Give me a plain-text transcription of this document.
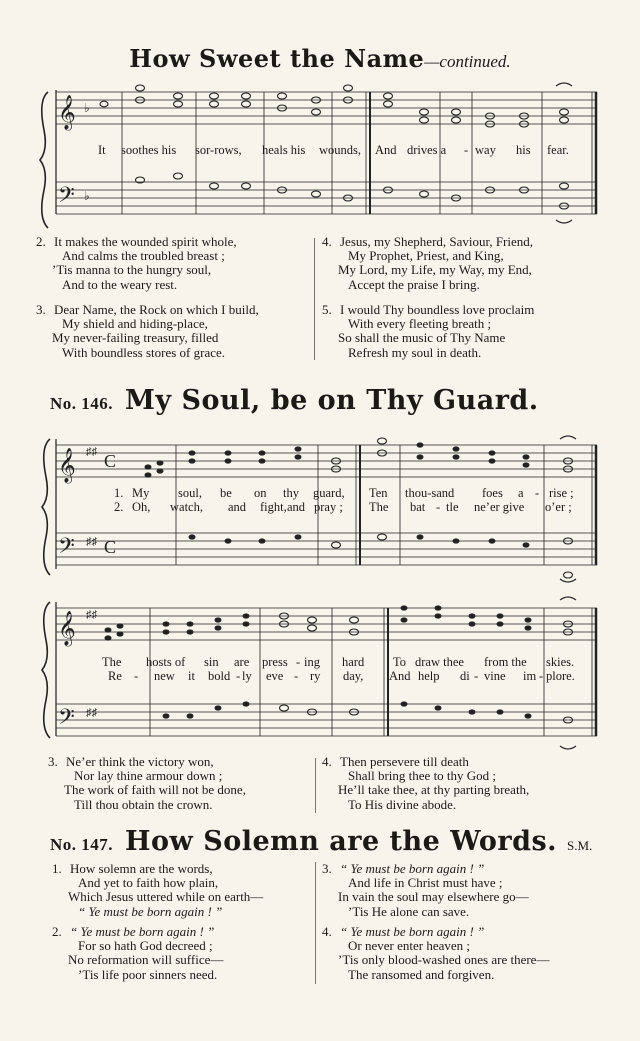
How Sweet the Name—continued.
𝄞
𝄢
♭
♭
It soothes his sor-rows, heals his wounds, And drives a - way his fear.
2. It makes the wounded spirit whole,
And calms the troubled breast ;
’Tis manna to the hungry soul,
And to the weary rest.
3. Dear Name, the Rock on which I build,
My shield and hiding-place,
My never-failing treasury, filled
With boundless stores of grace.
4. Jesus, my Shepherd, Saviour, Friend,
My Prophet, Priest, and King,
My Lord, my Life, my Way, my End,
Accept the praise I bring.
5. I would Thy boundless love proclaim
With every fleeting breath ;
So shall the music of Thy Name
Refresh my soul in death.
No. 146. My Soul, be on Thy Guard.
𝄞
𝄢
♯♯
♯♯
C
C
1. My soul, be on thy guard, Ten thou-sand foes a - rise ;
2. Oh, watch, and fight, and pray ; The bat - tle ne’er give o’er ;
𝄞
𝄢
♯♯
♯♯
The hosts of sin are press - ing hard To draw thee from the skies.
Re - new it bold - ly eve - ry day, And help di - vine im - plore.
3. Ne’er think the victory won,
Nor lay thine armour down ;
The work of faith will not be done,
Till thou obtain the crown.
4. Then persevere till death
Shall bring thee to thy God ;
He’ll take thee, at thy parting breath,
To His divine abode.
No. 147. How Solemn are the Words. S.M.
1. How solemn are the words,
And yet to faith how plain,
Which Jesus uttered while on earth—
“ Ye must be born again ! ”
2. “ Ye must be born again ! ”
For so hath God decreed ;
No reformation will suffice—
’Tis life poor sinners need.
3. “ Ye must be born again ! ”
And life in Christ must have ;
In vain the soul may elsewhere go—
’Tis He alone can save.
4. “ Ye must be born again ! ”
Or never enter heaven ;
’Tis only blood-washed ones are there—
The ransomed and forgiven.
